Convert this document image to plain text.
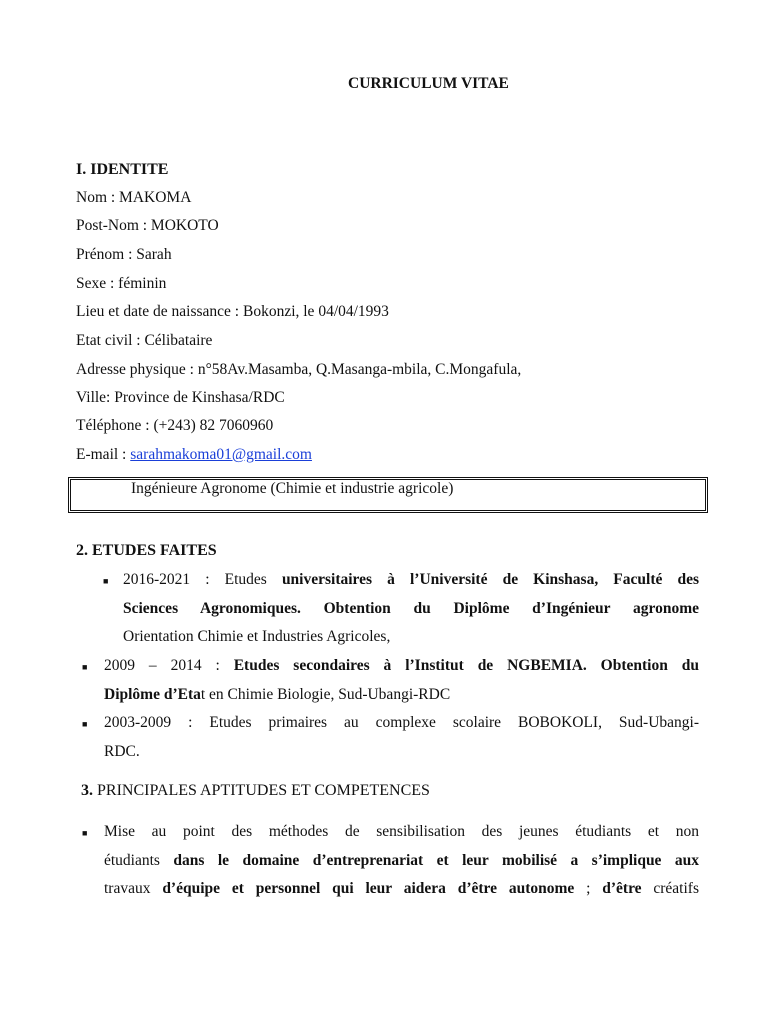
CURRICULUM VITAE
I. IDENTITE
Nom : MAKOMA
Post-Nom : MOKOTO
Prénom : Sarah
Sexe : féminin
Lieu et date de naissance : Bokonzi, le 04/04/1993
Etat civil : Célibataire
Adresse physique : n°58Av.Masamba, Q.Masanga-mbila, C.Mongafula,
Ville: Province de Kinshasa/RDC
Téléphone : (+243) 82 7060960
E-mail : sarahmakoma01@gmail.com
Ingénieure Agronome (Chimie et industrie agricole)
2. ETUDES FAITES
■ 2016-2021 : Etudes universitaires à l’Université de Kinshasa, Faculté des
Sciences Agronomiques. Obtention du Diplôme d’Ingénieur agronome
Orientation Chimie et Industries Agricoles,
■ 2009 – 2014 : Etudes secondaires à l’Institut de NGBEMIA. Obtention du
Diplôme d’Etat en Chimie Biologie, Sud-Ubangi-RDC
■ 2003-2009 : Etudes primaires au complexe scolaire BOBOKOLI, Sud-Ubangi-
RDC.
3. PRINCIPALES APTITUDES ET COMPETENCES
■ Mise au point des méthodes de sensibilisation des jeunes étudiants et non
étudiants dans le domaine d’entreprenariat et leur mobilisé a s’implique aux
travaux d’équipe et personnel qui leur aidera d’être autonome ; d’être créatifs
